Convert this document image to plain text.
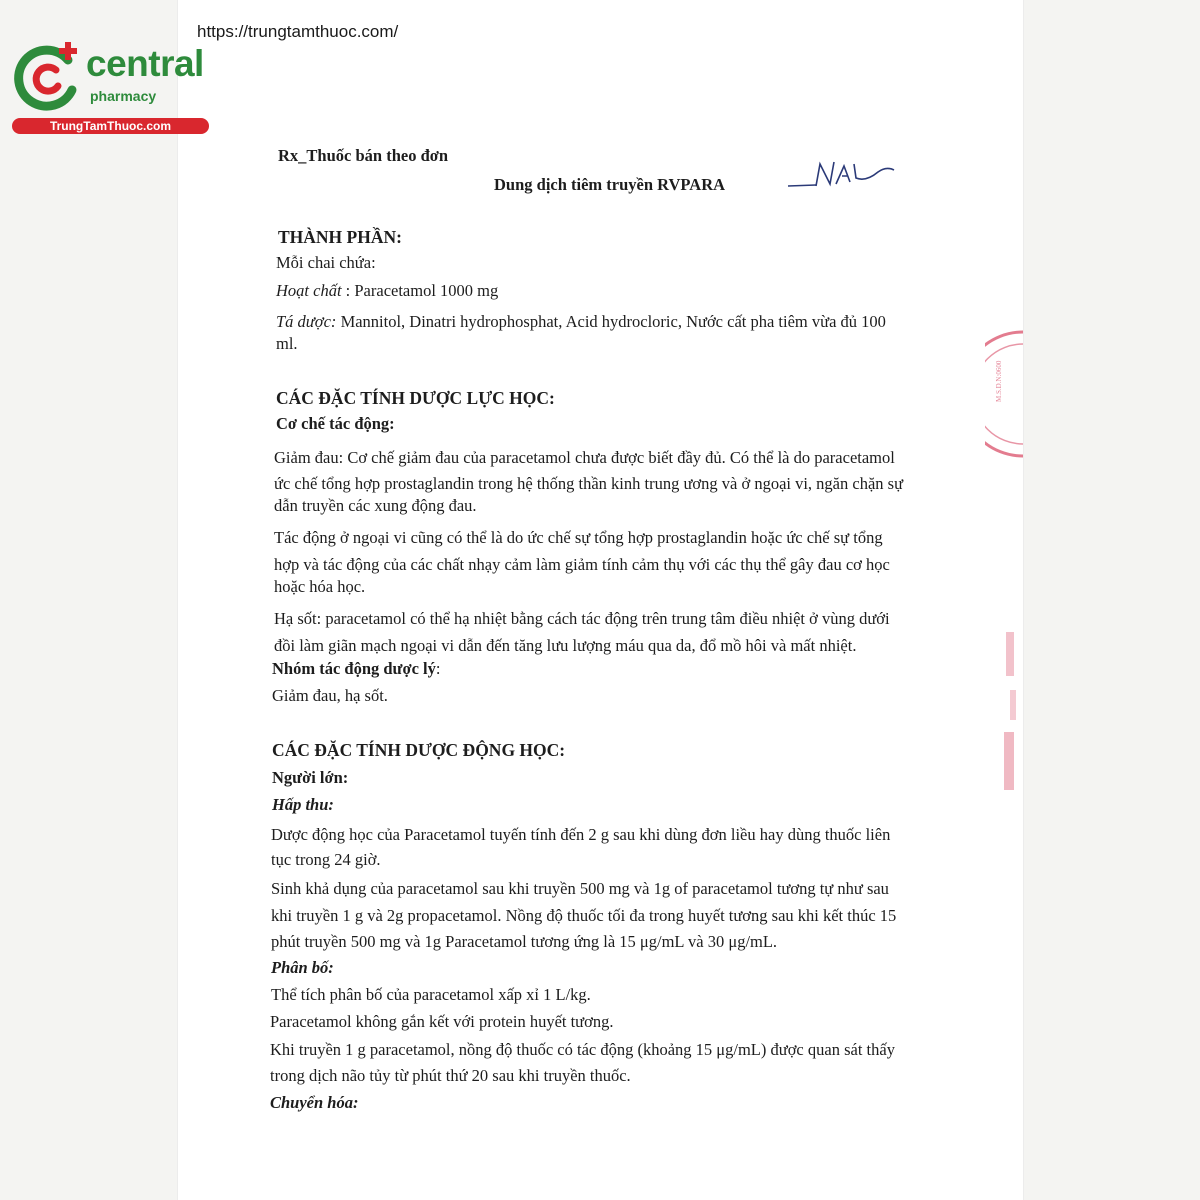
https://trungtamthuoc.com/
central
pharmacy
TrungTamThuoc.com
Rx_Thuốc bán theo đơn
Dung dịch tiêm truyền RVPARA	NAL
THÀNH PHẦN:
Mỗi chai chứa:
Hoạt chất : Paracetamol 1000 mg
Tá dược: Mannitol, Dinatri hydrophosphat, Acid hydrocloric, Nước cất pha tiêm vừa đủ 100
ml.
CÁC ĐẶC TÍNH DƯỢC LỰC HỌC:
Cơ chế tác động:
Giảm đau: Cơ chế giảm đau của paracetamol chưa được biết đầy đủ. Có thể là do paracetamol
ức chế tổng hợp prostaglandin trong hệ thống thần kinh trung ương và ở ngoại vi, ngăn chặn sự
dẫn truyền các xung động đau.
Tác động ở ngoại vi cũng có thể là do ức chế sự tổng hợp prostaglandin hoặc ức chế sự tổng
hợp và tác động của các chất nhạy cảm làm giảm tính cảm thụ với các thụ thể gây đau cơ học
hoặc hóa học.
Hạ sốt: paracetamol có thể hạ nhiệt bằng cách tác động trên trung tâm điều nhiệt ở vùng dưới
đồi làm giãn mạch ngoại vi dẫn đến tăng lưu lượng máu qua da, đổ mồ hôi và mất nhiệt.
Nhóm tác động dược lý:
Giảm đau, hạ sốt.
CÁC ĐẶC TÍNH DƯỢC ĐỘNG HỌC:
Người lớn:
Hấp thu:
Dược động học của Paracetamol tuyến tính đến 2 g sau khi dùng đơn liều hay dùng thuốc liên
tục trong 24 giờ.
Sinh khả dụng của paracetamol sau khi truyền 500 mg và 1g of paracetamol tương tự như sau
khi truyền 1 g và 2g propacetamol. Nồng độ thuốc tối đa trong huyết tương sau khi kết thúc 15
phút truyền 500 mg và 1g Paracetamol tương ứng là 15 μg/mL và 30 μg/mL.
Phân bố:
Thể tích phân bố của paracetamol xấp xỉ 1 L/kg.
Paracetamol không gắn kết với protein huyết tương.
Khi truyền 1 g paracetamol, nồng độ thuốc có tác động (khoảng 15 μg/mL) được quan sát thấy
trong dịch não tủy từ phút thứ 20 sau khi truyền thuốc.
Chuyển hóa:
M.S.D.N:0600
